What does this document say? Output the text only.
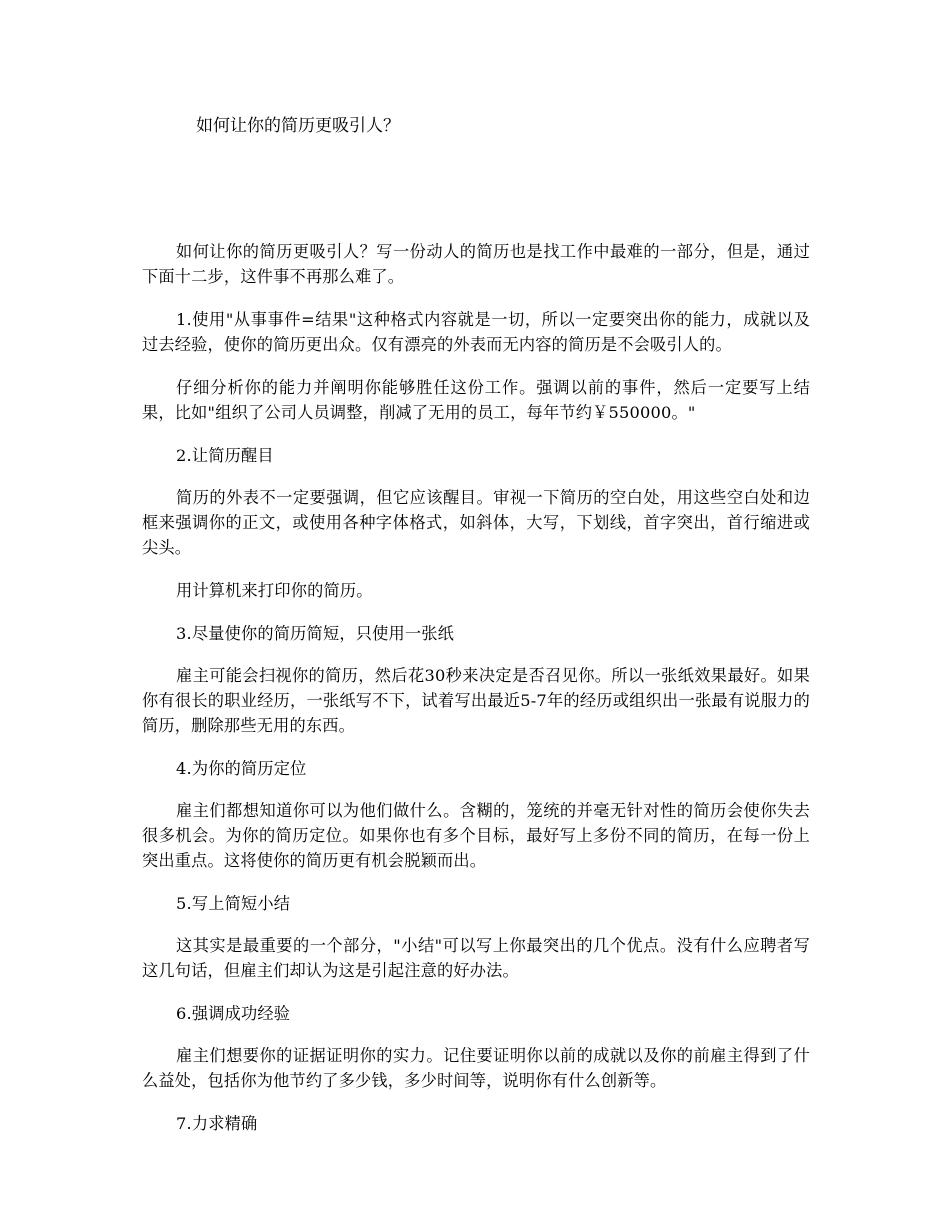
如何让你的简历更吸引人？

如何让你的简历更吸引人？写一份动人的简历也是找工作中最难的一部分，但是，通过下面十二步，这件事不再那么难了。

1.使用"从事事件=结果"这种格式内容就是一切，所以一定要突出你的能力，成就以及过去经验，使你的简历更出众。仅有漂亮的外表而无内容的简历是不会吸引人的。

仔细分析你的能力并阐明你能够胜任这份工作。强调以前的事件，然后一定要写上结果，比如"组织了公司人员调整，削减了无用的员工，每年节约￥550000。"

2.让简历醒目

简历的外表不一定要强调，但它应该醒目。审视一下简历的空白处，用这些空白处和边框来强调你的正文，或使用各种字体格式，如斜体，大写，下划线，首字突出，首行缩进或尖头。

用计算机来打印你的简历。

3.尽量使你的简历简短，只使用一张纸

雇主可能会扫视你的简历，然后花30秒来决定是否召见你。所以一张纸效果最好。如果你有很长的职业经历，一张纸写不下，试着写出最近5-7年的经历或组织出一张最有说服力的简历，删除那些无用的东西。

4.为你的简历定位

雇主们都想知道你可以为他们做什么。含糊的，笼统的并毫无针对性的简历会使你失去很多机会。为你的简历定位。如果你也有多个目标，最好写上多份不同的简历，在每一份上突出重点。这将使你的简历更有机会脱颖而出。

5.写上简短小结

这其实是最重要的一个部分，"小结"可以写上你最突出的几个优点。没有什么应聘者写这几句话，但雇主们却认为这是引起注意的好办法。

6.强调成功经验

雇主们想要你的证据证明你的实力。记住要证明你以前的成就以及你的前雇主得到了什么益处，包括你为他节约了多少钱，多少时间等，说明你有什么创新等。

7.力求精确
